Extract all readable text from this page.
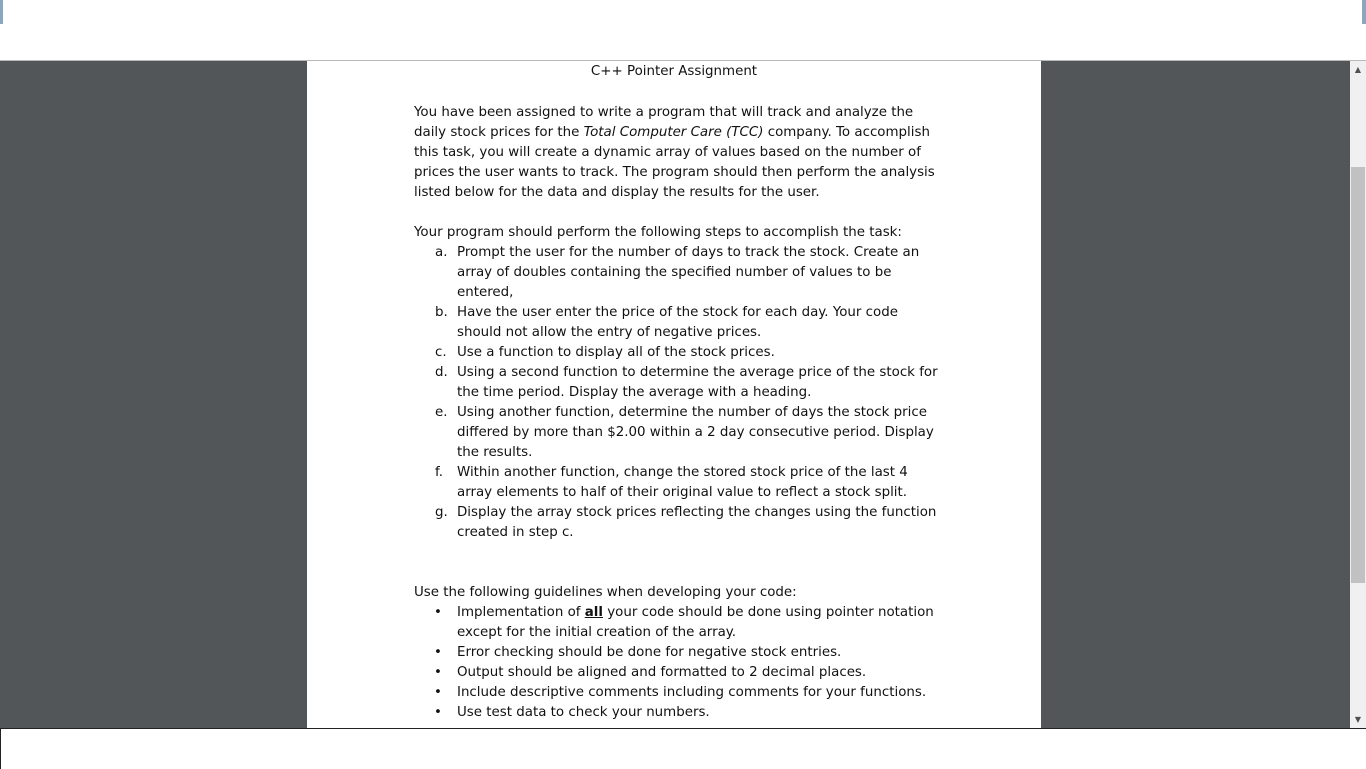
C++ Pointer Assignment

You have been assigned to write a program that will track and analyze the daily stock prices for the Total Computer Care (TCC) company. To accomplish this task, you will create a dynamic array of values based on the number of prices the user wants to track. The program should then perform the analysis listed below for the data and display the results for the user.

Your program should perform the following steps to accomplish the task:

a. Prompt the user for the number of days to track the stock. Create an array of doubles containing the specified number of values to be entered,
b. Have the user enter the price of the stock for each day. Your code should not allow the entry of negative prices.
c. Use a function to display all of the stock prices.
d. Using a second function to determine the average price of the stock for the time period. Display the average with a heading.
e. Using another function, determine the number of days the stock price differed by more than $2.00 within a 2 day consecutive period. Display the results.
f. Within another function, change the stored stock price of the last 4 array elements to half of their original value to reflect a stock split.
g. Display the array stock prices reflecting the changes using the function created in step c.

Use the following guidelines when developing your code:

• Implementation of all your code should be done using pointer notation except for the initial creation of the array.
• Error checking should be done for negative stock entries.
• Output should be aligned and formatted to 2 decimal places.
• Include descriptive comments including comments for your functions.
• Use test data to check your numbers.
▲
▼
